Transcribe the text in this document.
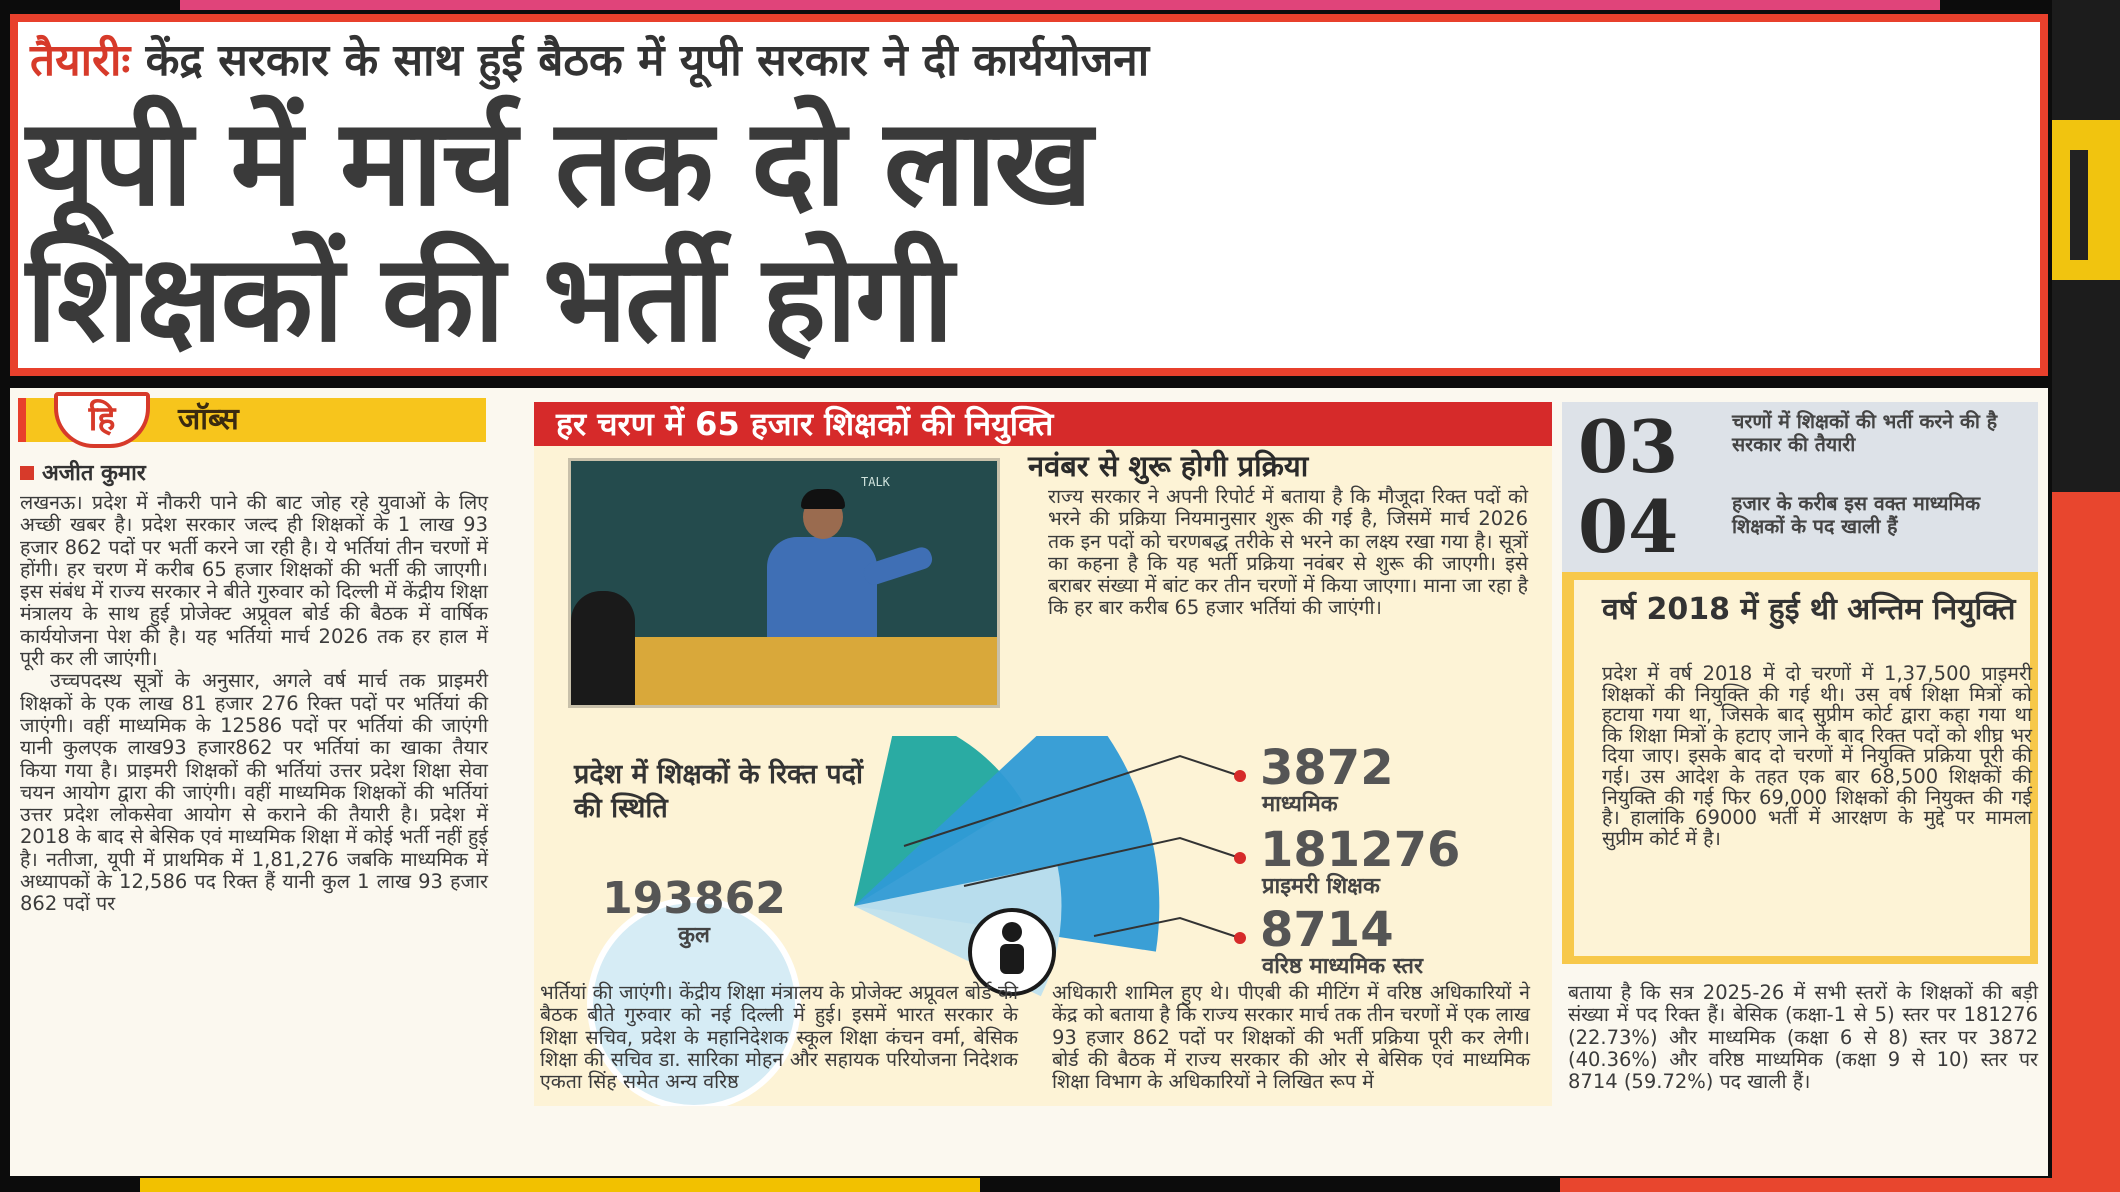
तैयारीः केंद्र सरकार के साथ हुई बैठक में यूपी सरकार ने दी कार्ययोजना
यूपी में मार्च तक दो लाख
शिक्षकों की भर्ती होगी
हि	जॉब्स
अजीत कुमार

लखनऊ। प्रदेश में नौकरी पाने की बाट जोह रहे युवाओं के लिए अच्छी खबर है। प्रदेश सरकार जल्द ही शिक्षकों के 1 लाख 93 हजार 862 पदों पर भर्ती करने जा रही है। ये भर्तियां तीन चरणों में होंगी। हर चरण में करीब 65 हजार शिक्षकों की भर्ती की जाएगी। इस संबंध में राज्य सरकार ने बीते गुरुवार को दिल्ली में केंद्रीय शिक्षा मंत्रालय के साथ हुई प्रोजेक्ट अप्रूवल बोर्ड की बैठक में वार्षिक कार्ययोजना पेश की है। यह भर्तियां मार्च 2026 तक हर हाल में पूरी कर ली जाएंगी।

उच्चपदस्थ सूत्रों के अनुसार, अगले वर्ष मार्च तक प्राइमरी शिक्षकों के एक लाख 81 हजार 276 रिक्त पदों पर भर्तियां की जाएंगी। वहीं माध्यमिक के 12586 पदों पर भर्तियां की जाएंगी यानी कुलएक लाख93 हजार862 पर भर्तियां का खाका तैयार किया गया है। प्राइमरी शिक्षकों की भर्तियां उत्तर प्रदेश शिक्षा सेवा चयन आयोग द्वारा की जाएंगी। वहीं माध्यमिक शिक्षकों की भर्तियां उत्तर प्रदेश लोकसेवा आयोग से कराने की तैयारी है। प्रदेश में 2018 के बाद से बेसिक एवं माध्यमिक शिक्षा में कोई भर्ती नहीं हुई है। नतीजा, यूपी में प्राथमिक में 1,81,276 जबकि माध्यमिक में अध्यापकों के 12,586 पद रिक्त हैं यानी कुल 1 लाख 93 हजार 862 पदों पर

हर चरण में 65 हजार शिक्षकों की नियुक्ति
TALK	नवंबर से शुरू होगी प्रक्रिया
राज्य सरकार ने अपनी रिपोर्ट में बताया है कि मौजूदा रिक्त पदों को भरने की प्रक्रिया नियमानुसार शुरू की गई है, जिसमें मार्च 2026 तक इन पदों को चरणबद्ध तरीके से भरने का लक्ष्य रखा गया है। सूत्रों का कहना है कि यह भर्ती प्रक्रिया नवंबर से शुरू की जाएगी। इसे बराबर संख्या में बांट कर तीन चरणों में किया जाएगा। माना जा रहा है कि हर बार करीब 65 हजार भर्तियां की जाएंगी।
प्रदेश में शिक्षकों के रिक्त पदों की स्थिति
193862
कुल
3872
माध्यमिक
181276
प्राइमरी शिक्षक
8714
वरिष्ठ माध्यमिक स्तर
03	चरणों में शिक्षकों की भर्ती करने की है सरकार की तैयारी
04	हजार के करीब इस वक्त माध्यमिक शिक्षकों के पद खाली हैं
वर्ष 2018 में हुई थी अन्तिम नियुक्ति
प्रदेश में वर्ष 2018 में दो चरणों में 1,37,500 प्राइमरी शिक्षकों की नियुक्ति की गई थी। उस वर्ष शिक्षा मित्रों को हटाया गया था, जिसके बाद सुप्रीम कोर्ट द्वारा कहा गया था कि शिक्षा मित्रों के हटाए जाने के बाद रिक्त पदों को शीघ्र भर दिया जाए। इसके बाद दो चरणों में नियुक्ति प्रक्रिया पूरी की गई। उस आदेश के तहत एक बार 68,500 शिक्षकों की नियुक्ति की गई फिर 69,000 शिक्षकों की नियुक्त की गई है। हालांकि 69000 भर्ती में आरक्षण के मुद्दे पर मामला सुप्रीम कोर्ट में है।
भर्तियां की जाएंगी। केंद्रीय शिक्षा मंत्रालय के प्रोजेक्ट अप्रूवल बोर्ड की बैठक बीते गुरुवार को नई दिल्ली में हुई। इसमें भारत सरकार के शिक्षा सचिव, प्रदेश के महानिदेशक स्कूल शिक्षा कंचन वर्मा, बेसिक शिक्षा की सचिव डा. सारिका मोहन और सहायक परियोजना निदेशक एकता सिंह समेत अन्य वरिष्ठ
अधिकारी शामिल हुए थे। पीएबी की मीटिंग में वरिष्ठ अधिकारियों ने केंद्र को बताया है कि राज्य सरकार मार्च तक तीन चरणों में एक लाख 93 हजार 862 पदों पर शिक्षकों की भर्ती प्रक्रिया पूरी कर लेगी। बोर्ड की बैठक में राज्य सरकार की ओर से बेसिक एवं माध्यमिक शिक्षा विभाग के अधिकारियों ने लिखित रूप में
बताया है कि सत्र 2025-26 में सभी स्तरों के शिक्षकों की बड़ी संख्या में पद रिक्त हैं। बेसिक (कक्षा-1 से 5) स्तर पर 181276 (22.73%) और माध्यमिक (कक्षा 6 से 8) स्तर पर 3872 (40.36%) और वरिष्ठ माध्यमिक (कक्षा 9 से 10) स्तर पर 8714 (59.72%) पद खाली हैं।
